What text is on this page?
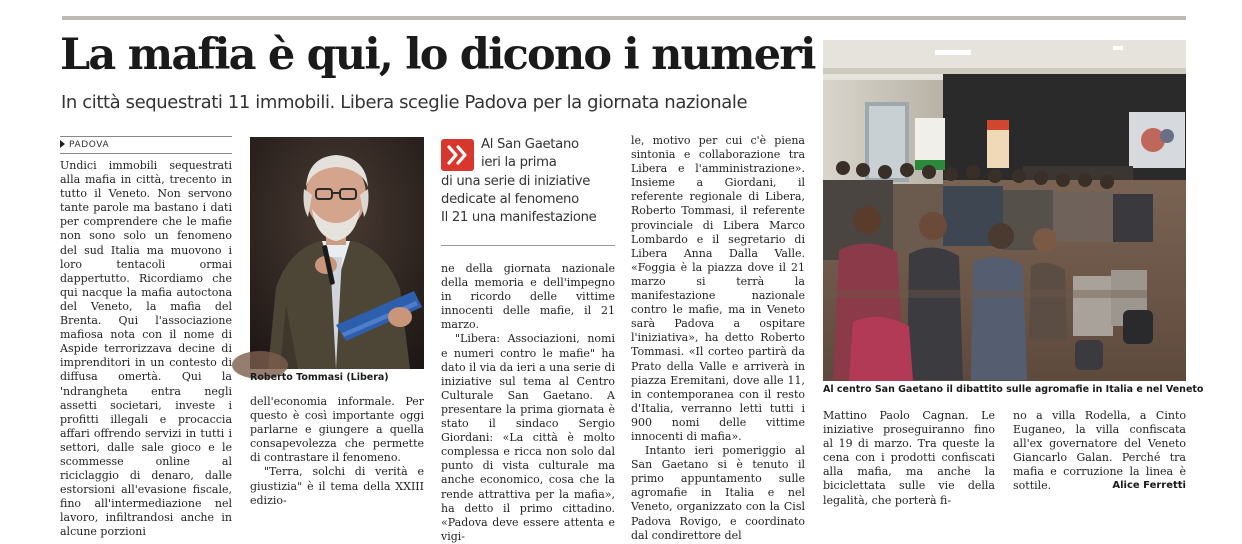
La mafia è qui, lo dicono i numeri
In città sequestrati 11 immobili. Libera sceglie Padova per la giornata nazionale
PADOVA

Undici immobili sequestrati alla mafia in città, trecento in tutto il Veneto. Non servono tante parole ma bastano i dati per comprendere che le mafie non sono solo un fenomeno del sud Italia ma muovono i loro tentacoli ormai dappertutto. Ricordiamo che qui nacque la mafia autoctona del Veneto, la mafia del Brenta. Qui l'associazione mafiosa nota con il nome di Aspide terrorizzava decine di imprenditori in un contesto di diffusa omertà. Qui la 'ndrangheta entra negli assetti societari, investe i profitti illegali e procaccia affari offrendo servizi in tutti i settori, dalle sale gioco e le scommesse online al riciclaggio di denaro, dalle estorsioni all'evasione fiscale, fino all'intermediazione nel lavoro, infiltrandosi anche in alcune porzioni

Roberto Tommasi (Libera)

dell'economia informale. Per questo è così importante oggi parlarne e giungere a quella consapevolezza che permette di contrastare il fenomeno.

"Terra, solchi di verità e giustizia" è il tema della XXIII edizio-

Al San Gaetano
ieri la prima
di una serie di iniziative
dedicate al fenomeno
Il 21 una manifestazione

ne della giornata nazionale della memoria e dell'impegno in ricordo delle vittime innocenti delle mafie, il 21 marzo.

"Libera: Associazioni, nomi e numeri contro le mafie" ha dato il via da ieri a una serie di iniziative sul tema al Centro Culturale San Gaetano. A presentare la prima giornata è stato il sindaco Sergio Giordani: «La città è molto complessa e ricca non solo dal punto di vista culturale ma anche economico, cosa che la rende attrattiva per la mafia», ha detto il primo cittadino. «Padova deve essere attenta e vigi-

le, motivo per cui c'è piena sintonia e collaborazione tra Libera e l'amministrazione». Insieme a Giordani, il referente regionale di Libera, Roberto Tommasi, il referente provinciale di Libera Marco Lombardo e il segretario di Libera Anna Dalla Valle. «Foggia è la piazza dove il 21 marzo si terrà la manifestazione nazionale contro le mafie, ma in Veneto sarà Padova a ospitare l'iniziativa», ha detto Roberto Tommasi. «Il corteo partirà da Prato della Valle e arriverà in piazza Eremitani, dove alle 11, in contemporanea con il resto d'Italia, verranno letti tutti i 900 nomi delle vittime innocenti di mafia».

Intanto ieri pomeriggio al San Gaetano si è tenuto il primo appuntamento sulle agromafie in Italia e nel Veneto, organizzato con la Cisl Padova Rovigo, e coordinato dal condirettore del

Al centro San Gaetano il dibattito sulle agromafie in Italia e nel Veneto

Mattino Paolo Cagnan. Le iniziative proseguiranno fino al 19 di marzo. Tra queste la cena con i prodotti confiscati alla mafia, ma anche la biciclettata sulle vie della legalità, che porterà fi-

no a villa Rodella, a Cinto Euganeo, la villa confiscata all'ex governatore del Veneto Giancarlo Galan. Perché tra mafia e corruzione la linea è sottile.	Alice Ferretti
